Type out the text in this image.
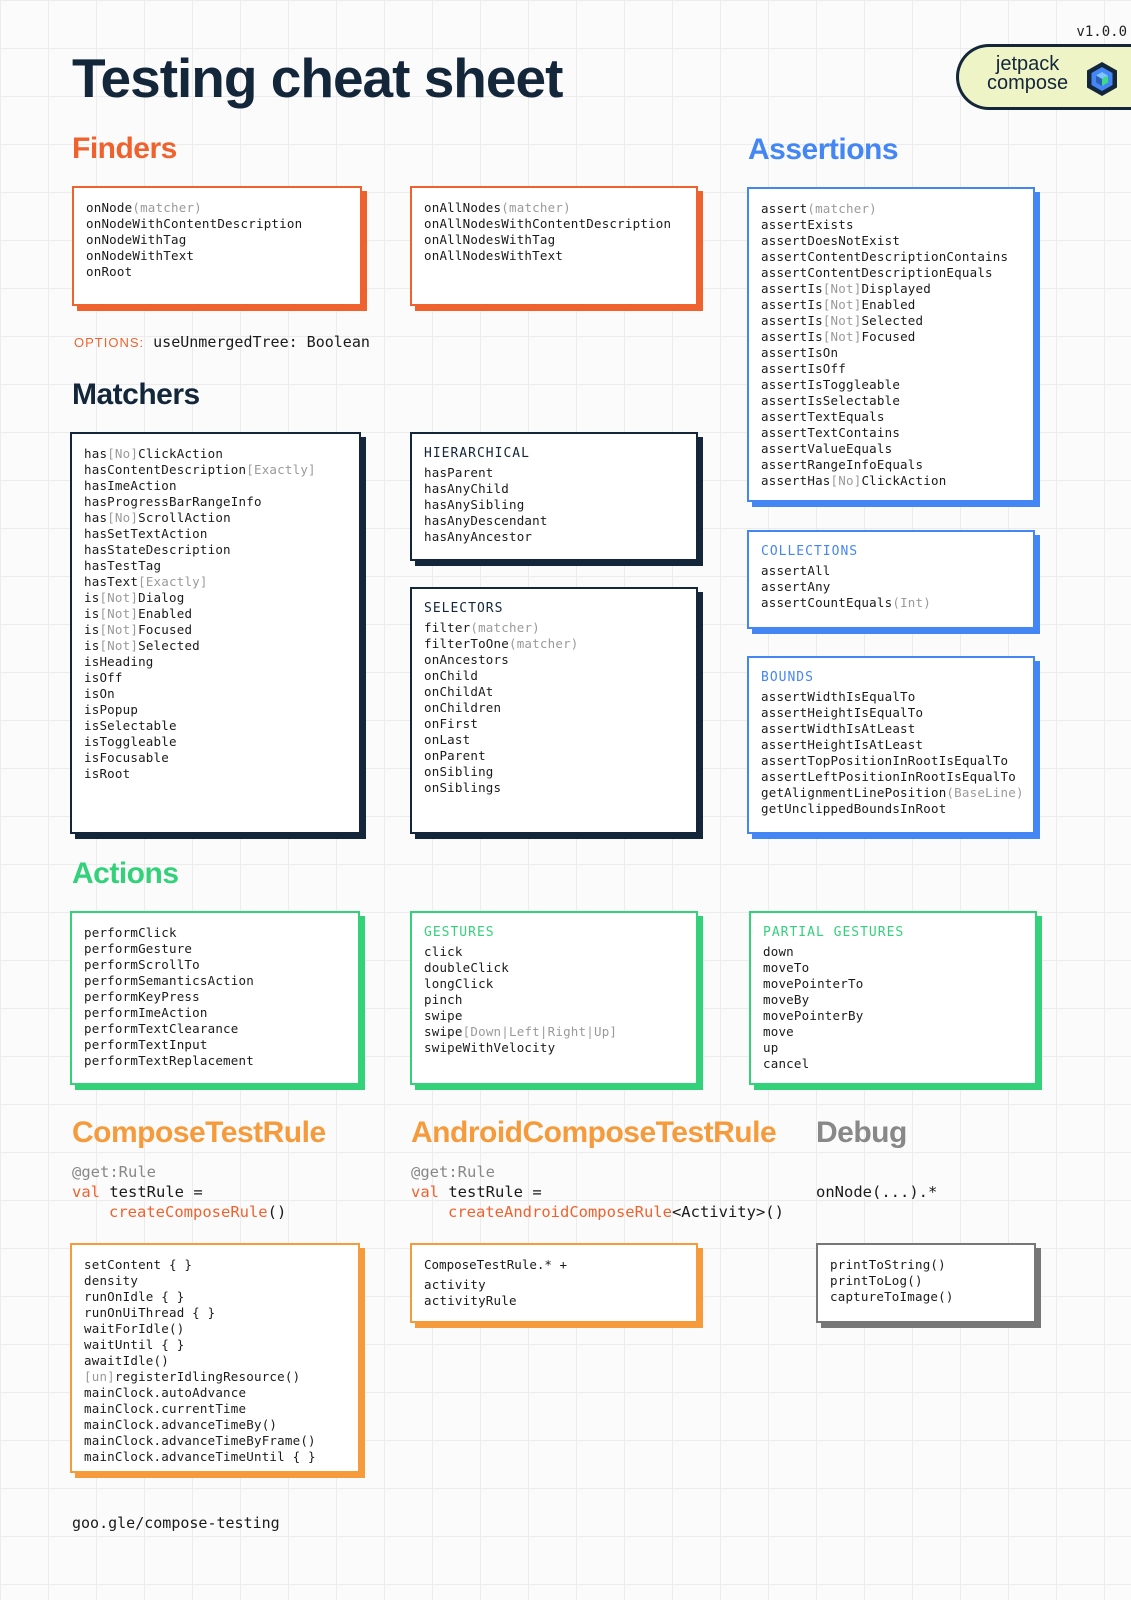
Testing cheat sheet
v1.0.0
jetpack
compose
Finders
onNode(matcher)
onNodeWithContentDescription
onNodeWithTag
onNodeWithText
onRoot
onAllNodes(matcher)
onAllNodesWithContentDescription
onAllNodesWithTag
onAllNodesWithText
OPTIONS: useUnmergedTree: Boolean
Matchers
has[No]ClickAction
hasContentDescription[Exactly]
hasImeAction
hasProgressBarRangeInfo
has[No]ScrollAction
hasSetTextAction
hasStateDescription
hasTestTag
hasText[Exactly]
is[Not]Dialog
is[Not]Enabled
is[Not]Focused
is[Not]Selected
isHeading
isOff
isOn
isPopup
isSelectable
isToggleable
isFocusable
isRoot
HIERARCHICAL
hasParent
hasAnyChild
hasAnySibling
hasAnyDescendant
hasAnyAncestor
SELECTORS
filter(matcher)
filterToOne(matcher)
onAncestors
onChild
onChildAt
onChildren
onFirst
onLast
onParent
onSibling
onSiblings
Assertions
assert(matcher)
assertExists
assertDoesNotExist
assertContentDescriptionContains
assertContentDescriptionEquals
assertIs[Not]Displayed
assertIs[Not]Enabled
assertIs[Not]Selected
assertIs[Not]Focused
assertIsOn
assertIsOff
assertIsToggleable
assertIsSelectable
assertTextEquals
assertTextContains
assertValueEquals
assertRangeInfoEquals
assertHas[No]ClickAction
COLLECTIONS
assertAll
assertAny
assertCountEquals(Int)
BOUNDS
assertWidthIsEqualTo
assertHeightIsEqualTo
assertWidthIsAtLeast
assertHeightIsAtLeast
assertTopPositionInRootIsEqualTo
assertLeftPositionInRootIsEqualTo
getAlignmentLinePosition(BaseLine)
getUnclippedBoundsInRoot
Actions
performClick
performGesture
performScrollTo
performSemanticsAction
performKeyPress
performImeAction
performTextClearance
performTextInput
performTextReplacement
GESTURES
click
doubleClick
longClick
pinch
swipe
swipe[Down|Left|Right|Up]
swipeWithVelocity
PARTIAL GESTURES
down
moveTo
movePointerTo
moveBy
movePointerBy
move
up
cancel
ComposeTestRule
@get:Rule
val testRule =
createComposeRule()
setContent { }
density
runOnIdle { }
runOnUiThread { }
waitForIdle()
waitUntil { }
awaitIdle()
[un]registerIdlingResource()
mainClock.autoAdvance
mainClock.currentTime
mainClock.advanceTimeBy()
mainClock.advanceTimeByFrame()
mainClock.advanceTimeUntil { }
AndroidComposeTestRule
@get:Rule
val testRule =
createAndroidComposeRule<Activity>()
ComposeTestRule.* +
activity
activityRule
Debug
onNode(...).*
printToString()
printToLog()
captureToImage()
goo.gle/compose-testing
